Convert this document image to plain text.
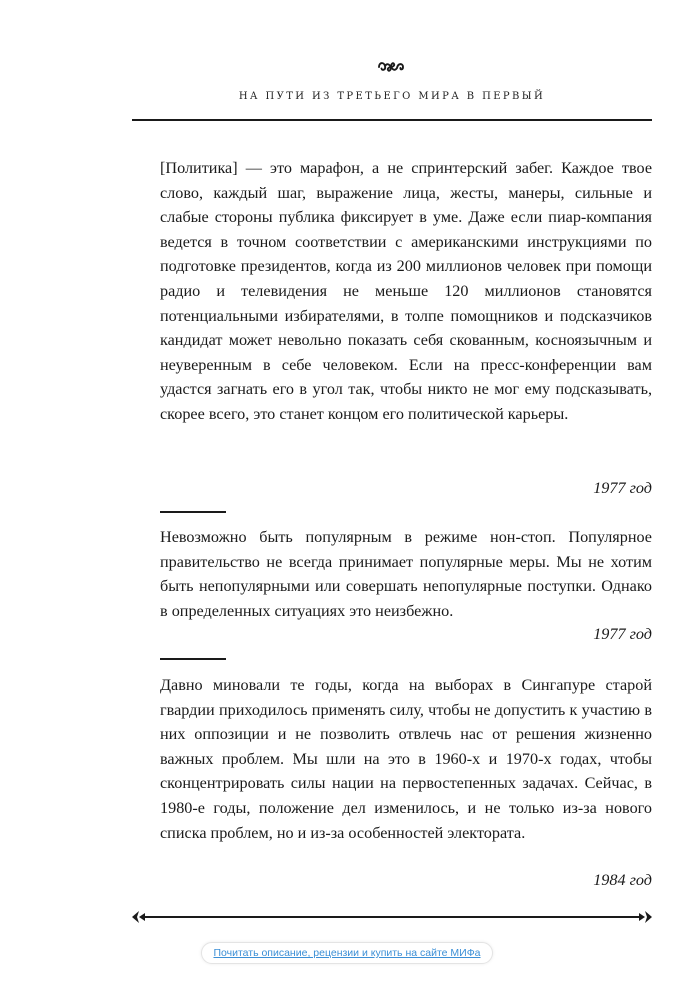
НА ПУТИ ИЗ ТРЕТЬЕГО МИРА В ПЕРВЫЙ

[Политика] — это марафон, а не спринтерский забег. Каждое твое слово, каждый шаг, выражение лица, жесты, манеры, сильные и слабые стороны публика фиксирует в уме. Даже если пиар-компания ведется в точном соответствии с американскими инструкциями по подготовке президентов, когда из 200 миллионов человек при помощи радио и телевидения не меньше 120 миллионов становятся потенциальными избирателями, в толпе помощников и подсказчиков кандидат может невольно показать себя скованным, косноязычным и неуверенным в себе человеком. Если на пресс-конференции вам удастся загнать его в угол так, чтобы никто не мог ему подсказывать, скорее всего, это станет концом его политической карьеры.

1977 год

Невозможно быть популярным в режиме нон-стоп. Популярное правительство не всегда принимает популярные меры. Мы не хотим быть непопулярными или совершать непопулярные поступки. Однако в определенных ситуациях это неизбежно.

1977 год

Давно миновали те годы, когда на выборах в Сингапуре старой гвардии приходилось применять силу, чтобы не допустить к участию в них оппозиции и не позволить отвлечь нас от решения жизненно важных проблем. Мы шли на это в 1960-х и 1970-х годах, чтобы сконцентрировать силы нации на первостепенных задачах. Сейчас, в 1980-е годы, положение дел изменилось, и не только из-за нового списка проблем, но и из-за особенностей электората.

1984 год
Почитать описание, рецензии и купить на сайте МИФа
